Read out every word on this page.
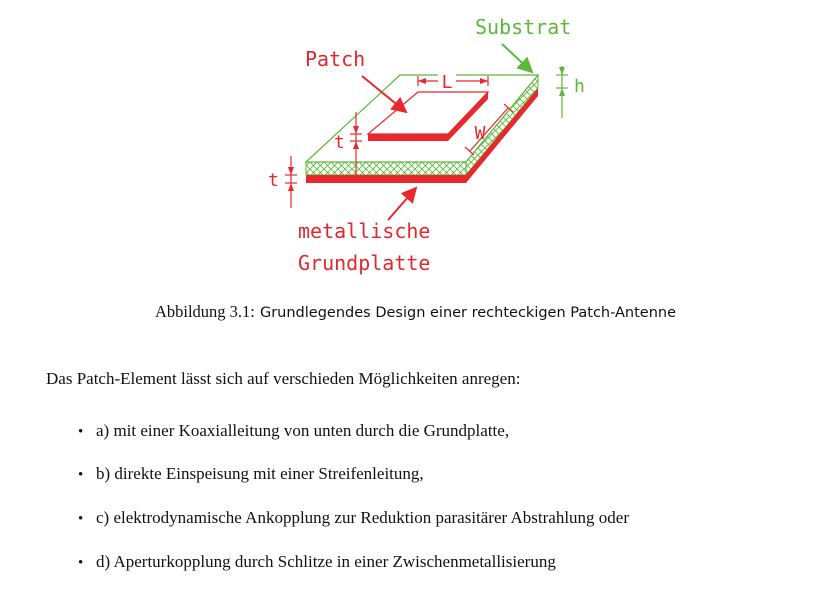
L
W
h
t
t
Substrat
Patch
metallische
Grundplatte
Abbildung 3.1: Grundlegendes Design einer rechteckigen Patch-Antenne
Das Patch-Element lässt sich auf verschieden Möglichkeiten anregen:
• a) mit einer Koaxialleitung von unten durch die Grundplatte,
• b) direkte Einspeisung mit einer Streifenleitung,
• c) elektrodynamische Ankopplung zur Reduktion parasitärer Abstrahlung oder
• d) Aperturkopplung durch Schlitze in einer Zwischenmetallisierung
